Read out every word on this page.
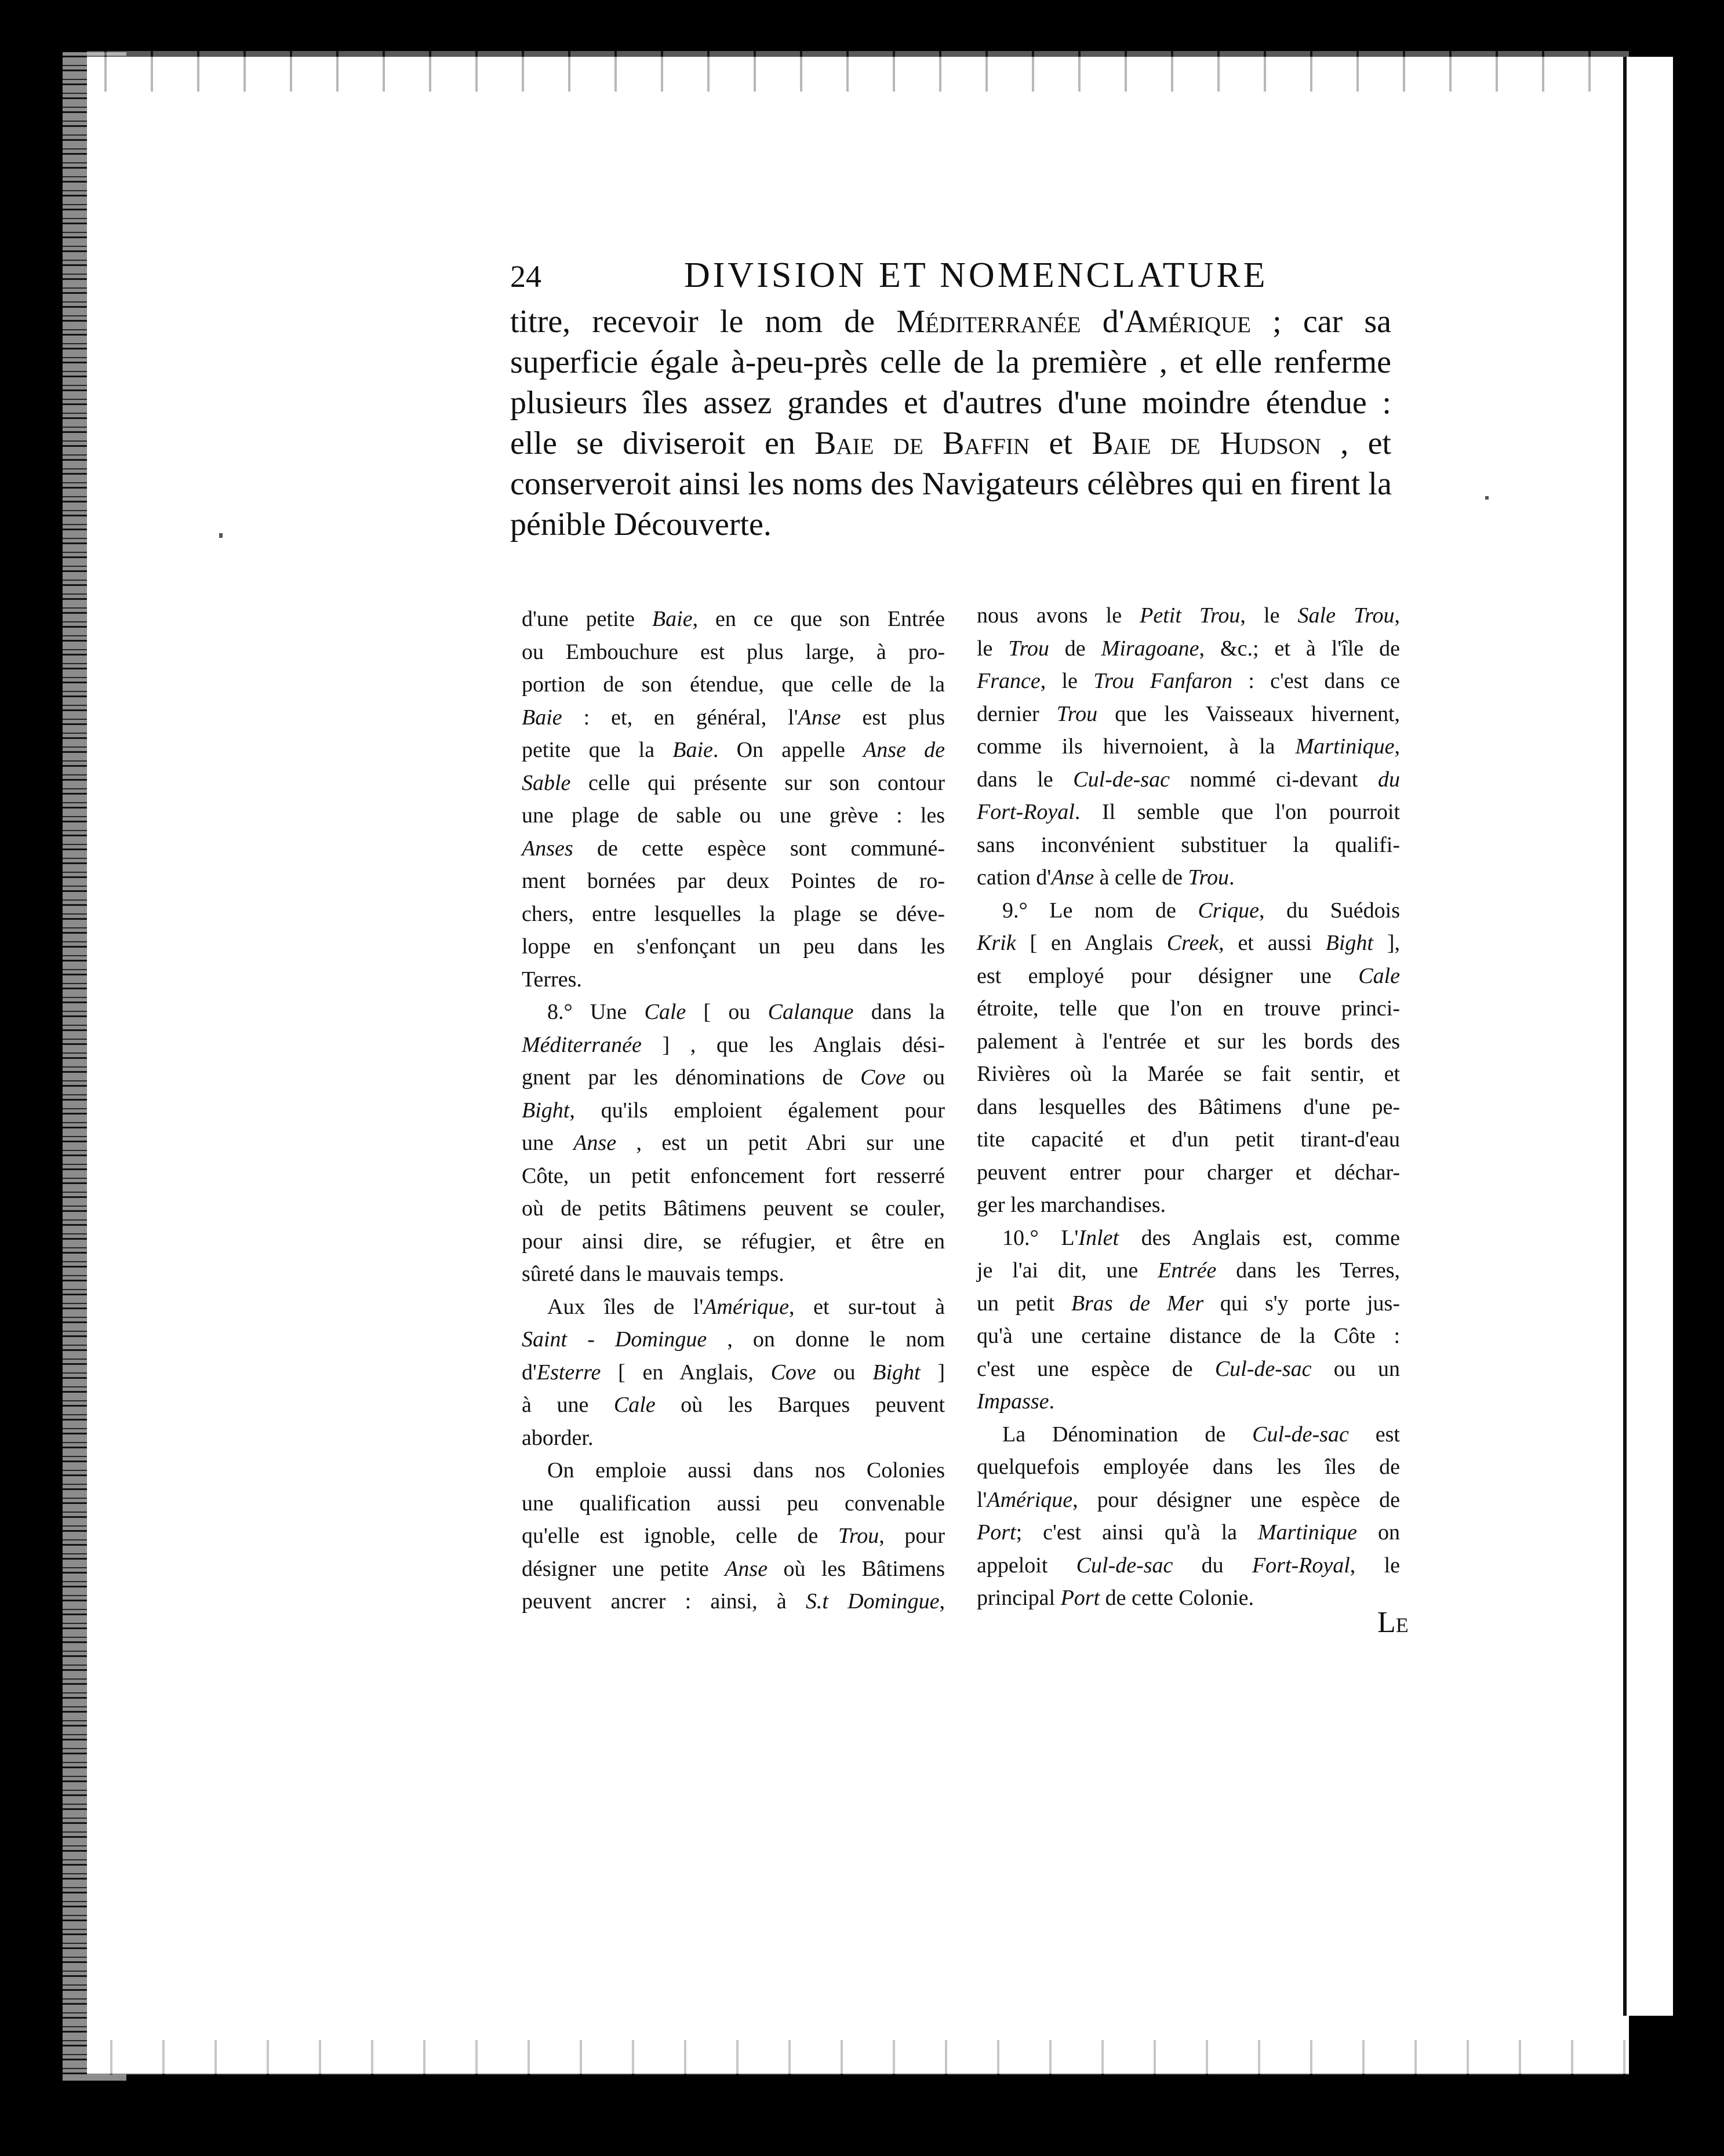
24	DIVISION ET NOMENCLATURE
titre, recevoir le nom de Méditerranée d'Amérique ; car sa
superficie égale à-peu-près celle de la première , et elle renferme
plusieurs îles assez grandes et d'autres d'une moindre étendue :
elle se diviseroit en Baie de Baffin et Baie de Hudson , et
conserveroit ainsi les noms des Navigateurs célèbres qui en firent la
pénible Découverte.
d'une petite Baie, en ce que son Entrée
ou Embouchure est plus large, à pro-
portion de son étendue, que celle de la
Baie : et, en général, l'Anse est plus
petite que la Baie. On appelle Anse de
Sable celle qui présente sur son contour
une plage de sable ou une grève : les
Anses de cette espèce sont communé-
ment bornées par deux Pointes de ro-
chers, entre lesquelles la plage se déve-
loppe en s'enfonçant un peu dans les
Terres.
8.° Une Cale [ ou Calanque dans la
Méditerranée ] , que les Anglais dési-
gnent par les dénominations de Cove ou
Bight, qu'ils emploient également pour
une Anse , est un petit Abri sur une
Côte, un petit enfoncement fort resserré
où de petits Bâtimens peuvent se couler,
pour ainsi dire, se réfugier, et être en
sûreté dans le mauvais temps.
Aux îles de l'Amérique, et sur-tout à
Saint - Domingue , on donne le nom
d'Esterre [ en Anglais, Cove ou Bight ]
à une Cale où les Barques peuvent
aborder.
On emploie aussi dans nos Colonies
une qualification aussi peu convenable
qu'elle est ignoble, celle de Trou, pour
désigner une petite Anse où les Bâtimens
peuvent ancrer : ainsi, à S.t Domingue,
nous avons le Petit Trou, le Sale Trou,
le Trou de Miragoane, &c.; et à l'île de
France, le Trou Fanfaron : c'est dans ce
dernier Trou que les Vaisseaux hivernent,
comme ils hivernoient, à la Martinique,
dans le Cul-de-sac nommé ci-devant du
Fort-Royal. Il semble que l'on pourroit
sans inconvénient substituer la qualifi-
cation d'Anse à celle de Trou.
9.° Le nom de Crique, du Suédois
Krik [ en Anglais Creek, et aussi Bight ],
est employé pour désigner une Cale
étroite, telle que l'on en trouve princi-
palement à l'entrée et sur les bords des
Rivières où la Marée se fait sentir, et
dans lesquelles des Bâtimens d'une pe-
tite capacité et d'un petit tirant-d'eau
peuvent entrer pour charger et déchar-
ger les marchandises.
10.° L'Inlet des Anglais est, comme
je l'ai dit, une Entrée dans les Terres,
un petit Bras de Mer qui s'y porte jus-
qu'à une certaine distance de la Côte :
c'est une espèce de Cul-de-sac ou un
Impasse.
La Dénomination de Cul-de-sac est
quelquefois employée dans les îles de
l'Amérique, pour désigner une espèce de
Port; c'est ainsi qu'à la Martinique on
appeloit Cul-de-sac du Fort-Royal, le
principal Port de cette Colonie.
Le
